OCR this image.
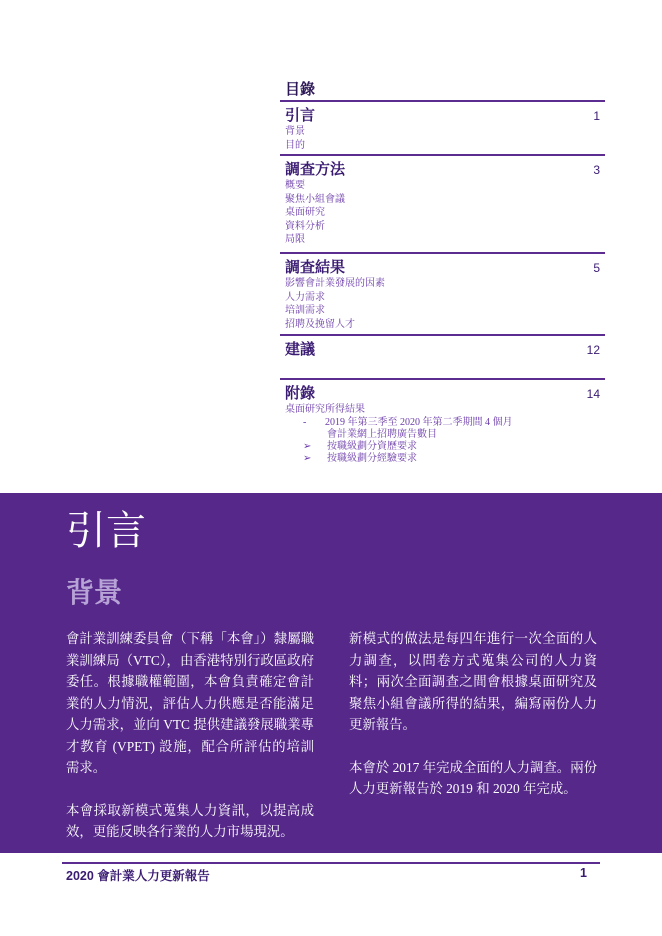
目錄
引言	1
背景
目的
調查方法	3
概要
聚焦小組會議
桌面研究
資料分析
局限
調查結果	5
影響會計業發展的因素
人力需求
培訓需求
招聘及挽留人才
建議	12
附錄	14
桌面研究所得結果
-	2019 年第三季至 2020 年第二季期間 4 個月
會計業網上招聘廣告數目
➢	按職級劃分資歷要求
➢	按職級劃分經驗要求
引言
背景

會計業訓練委員會（下稱「本會」）隸屬職業訓練局（VTC），由香港特別行政區政府委任。根據職權範圍，本會負責確定會計業的人力情況，評估人力供應是否能滿足人力需求，並向 VTC 提供建議發展職業專才教育 (VPET) 設施，配合所評估的培訓需求。

本會採取新模式蒐集人力資訊，以提高成效，更能反映各行業的人力市場現況。

新模式的做法是每四年進行一次全面的人力調查，以問卷方式蒐集公司的人力資料；兩次全面調查之間會根據桌面研究及聚焦小組會議所得的結果，編寫兩份人力更新報告。

本會於 2017 年完成全面的人力調查。兩份人力更新報告於 2019 和 2020 年完成。

2020 會計業人力更新報告	1
